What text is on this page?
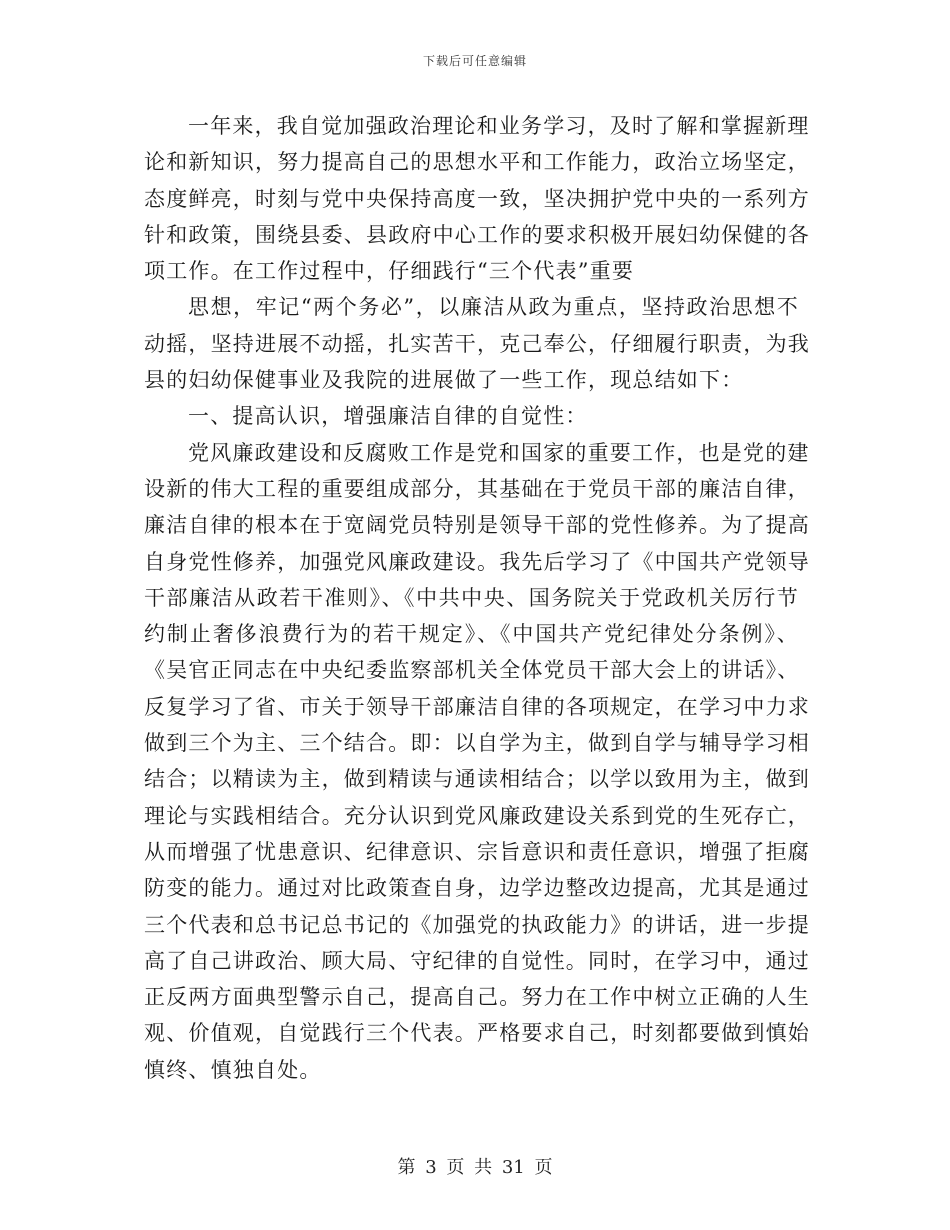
下载后可任意编辑
一年来，我自觉加强政治理论和业务学习，及时了解和掌握新理
论和新知识，努力提高自己的思想水平和工作能力，政治立场坚定，
态度鲜亮，时刻与党中央保持高度一致，坚决拥护党中央的一系列方
针和政策，围绕县委、县政府中心工作的要求积极开展妇幼保健的各
项工作。在工作过程中，仔细践行“三个代表”重要
思想，牢记“两个务必”，以廉洁从政为重点，坚持政治思想不
动摇，坚持进展不动摇，扎实苦干，克己奉公，仔细履行职责，为我
县的妇幼保健事业及我院的进展做了一些工作，现总结如下：
一、提高认识，增强廉洁自律的自觉性：
党风廉政建设和反腐败工作是党和国家的重要工作，也是党的建
设新的伟大工程的重要组成部分，其基础在于党员干部的廉洁自律，
廉洁自律的根本在于宽阔党员特别是领导干部的党性修养。为了提高
自身党性修养，加强党风廉政建设。我先后学习了《中国共产党领导
干部廉洁从政若干准则》、《中共中央、国务院关于党政机关厉行节
约制止奢侈浪费行为的若干规定》、《中国共产党纪律处分条例》、
《吴官正同志在中央纪委监察部机关全体党员干部大会上的讲话》、
反复学习了省、市关于领导干部廉洁自律的各项规定，在学习中力求
做到三个为主、三个结合。即：以自学为主，做到自学与辅导学习相
结合；以精读为主，做到精读与通读相结合；以学以致用为主，做到
理论与实践相结合。充分认识到党风廉政建设关系到党的生死存亡，
从而增强了忧患意识、纪律意识、宗旨意识和责任意识，增强了拒腐
防变的能力。通过对比政策查自身，边学边整改边提高，尤其是通过
三个代表和总书记总书记的《加强党的执政能力》的讲话，进一步提
高了自己讲政治、顾大局、守纪律的自觉性。同时，在学习中，通过
正反两方面典型警示自己，提高自己。努力在工作中树立正确的人生
观、价值观，自觉践行三个代表。严格要求自己，时刻都要做到慎始
慎终、慎独自处。
第 3 页 共 31 页
